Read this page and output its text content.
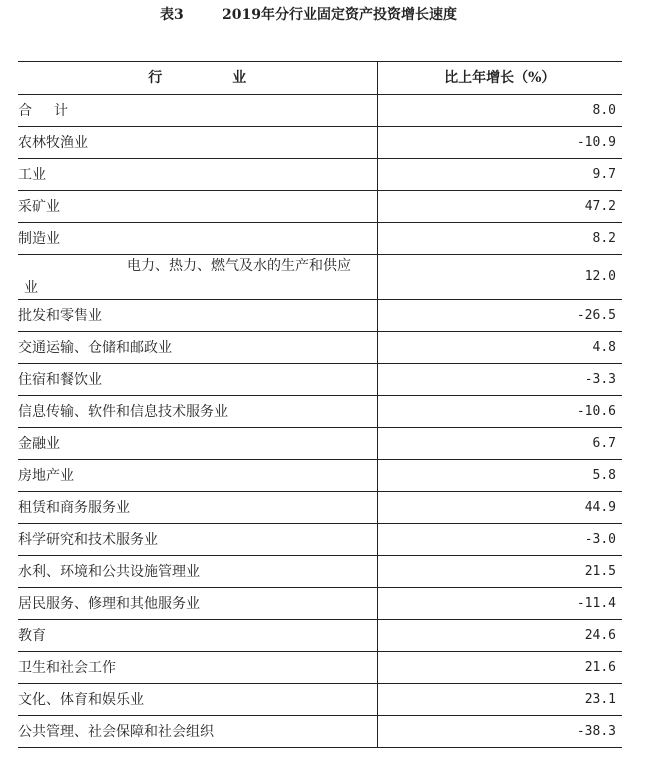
表3	2019年分行业固定资产投资增长速度
行 业	比上年增长（%）
合 计	8.0
农林牧渔业	-10.9
工业	9.7
采矿业	47.2
制造业	8.2

电力、热力、燃气及水的生产和供应业	12.0
批发和零售业	-26.5
交通运输、仓储和邮政业	4.8
住宿和餐饮业	-3.3
信息传输、软件和信息技术服务业	-10.6
金融业	6.7
房地产业	5.8
租赁和商务服务业	44.9
科学研究和技术服务业	-3.0
水利、环境和公共设施管理业	21.5
居民服务、修理和其他服务业	-11.4
教育	24.6
卫生和社会工作	21.6
文化、体育和娱乐业	23.1
公共管理、社会保障和社会组织	-38.3
